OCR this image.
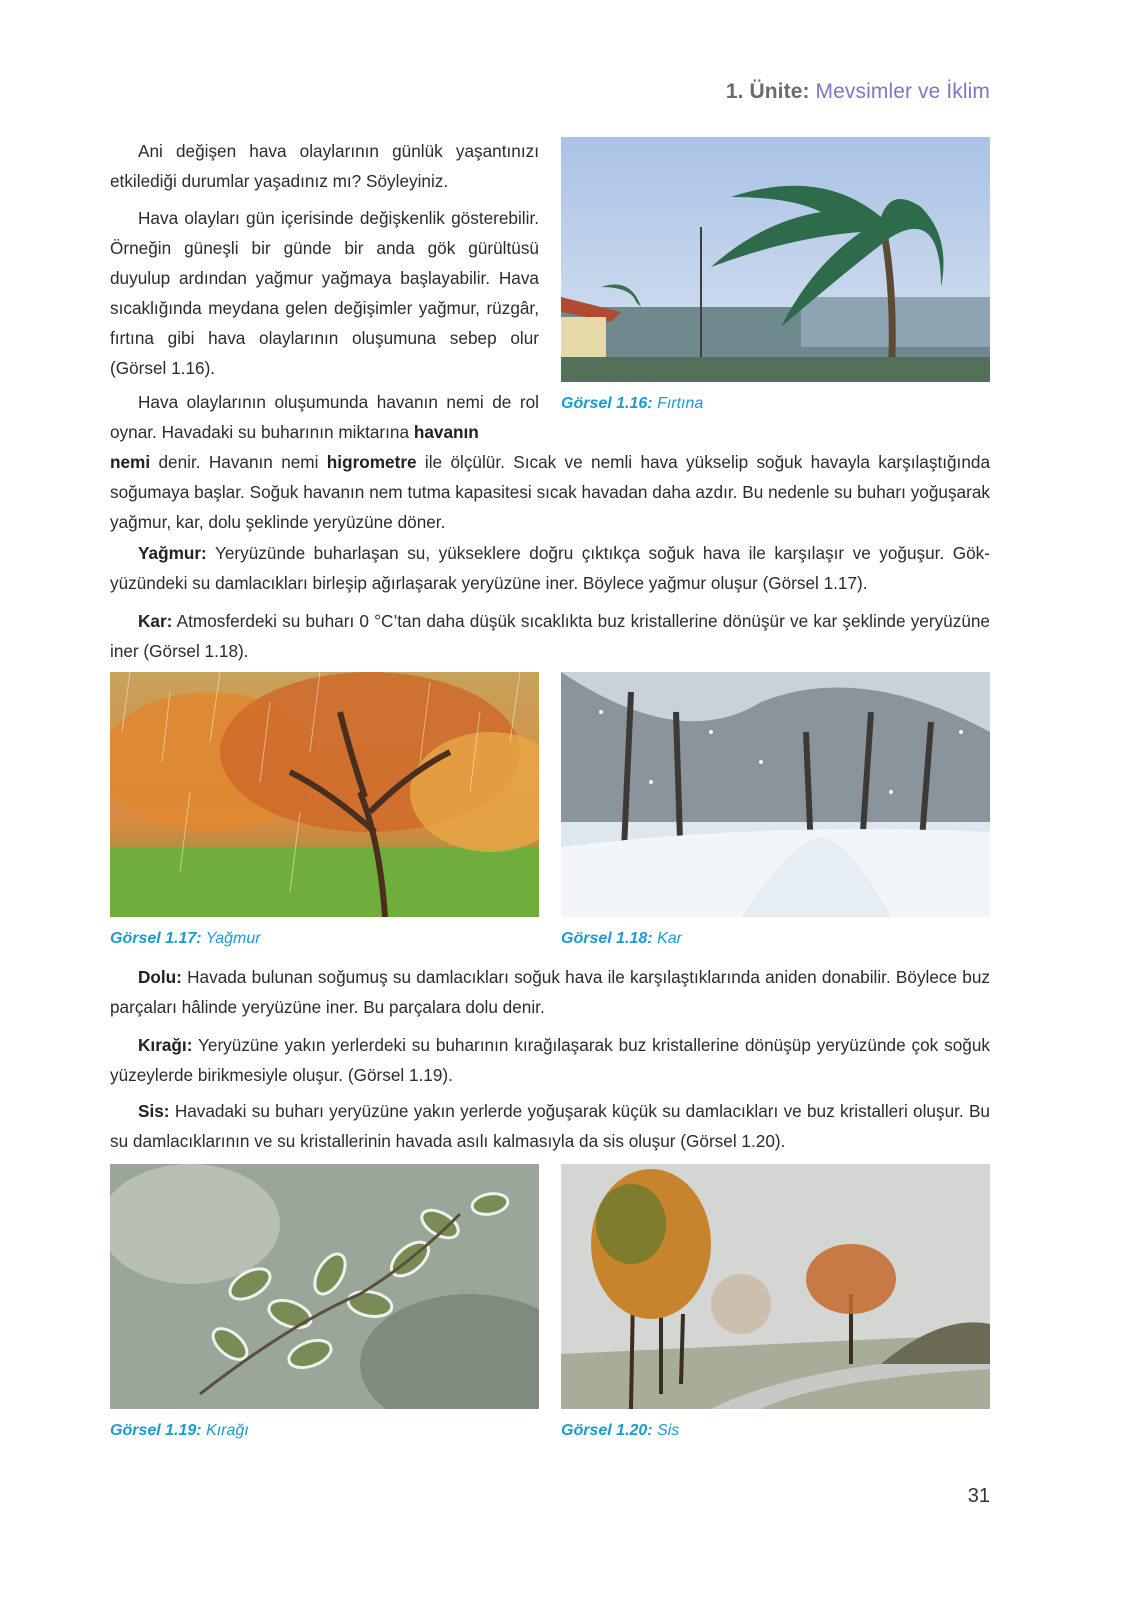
1. Ünite: Mevsimler ve İklim

Ani değişen hava olaylarının günlük yaşantınızı etkilediği durumlar yaşadınız mı? Söyleyiniz.

Hava olayları gün içerisinde değişkenlik gösterebilir. Örneğin güneşli bir günde bir anda gök gürültüsü duyulup ardından yağmur yağmaya başlayabilir. Hava sıcaklığında meydana gelen değişimler yağmur, rüzgâr, fırtına gibi hava olaylarının oluşumuna sebep olur (Görsel 1.16).

Hava olaylarının oluşumunda havanın nemi de rol oynar. Havadaki su buharının miktarına havanın

nemi denir. Havanın nemi higrometre ile ölçülür. Sıcak ve nemli hava yükselip soğuk havayla karşılaştığında soğumaya başlar. Soğuk havanın nem tutma kapasitesi sıcak havadan daha azdır. Bu nedenle su buharı yoğuşarak yağmur, kar, dolu şeklinde yeryüzüne döner.

Görsel 1.16: Fırtına

Yağmur: Yeryüzünde buharlaşan su, yükseklere doğru çıktıkça soğuk hava ile karşılaşır ve yoğuşur. Gökyüzündeki su damlacıkları birleşip ağırlaşarak yeryüzüne iner. Böylece yağmur oluşur (Görsel 1.17).

Kar: Atmosferdeki su buharı 0 °C’tan daha düşük sıcaklıkta buz kristallerine dönüşür ve kar şeklinde yeryüzüne iner (Görsel 1.18).

Görsel 1.17: Yağmur	Görsel 1.18: Kar

Dolu: Havada bulunan soğumuş su damlacıkları soğuk hava ile karşılaştıklarında aniden donabilir. Böylece buz parçaları hâlinde yeryüzüne iner. Bu parçalara dolu denir.

Kırağı: Yeryüzüne yakın yerlerdeki su buharının kırağılaşarak buz kristallerine dönüşüp yeryüzünde çok soğuk yüzeylerde birikmesiyle oluşur. (Görsel 1.19).

Sis: Havadaki su buharı yeryüzüne yakın yerlerde yoğuşarak küçük su damlacıkları ve buz kristalleri oluşur. Bu su damlacıklarının ve su kristallerinin havada asılı kalmasıyla da sis oluşur (Görsel 1.20).

Görsel 1.19: Kırağı	Görsel 1.20: Sis
31
